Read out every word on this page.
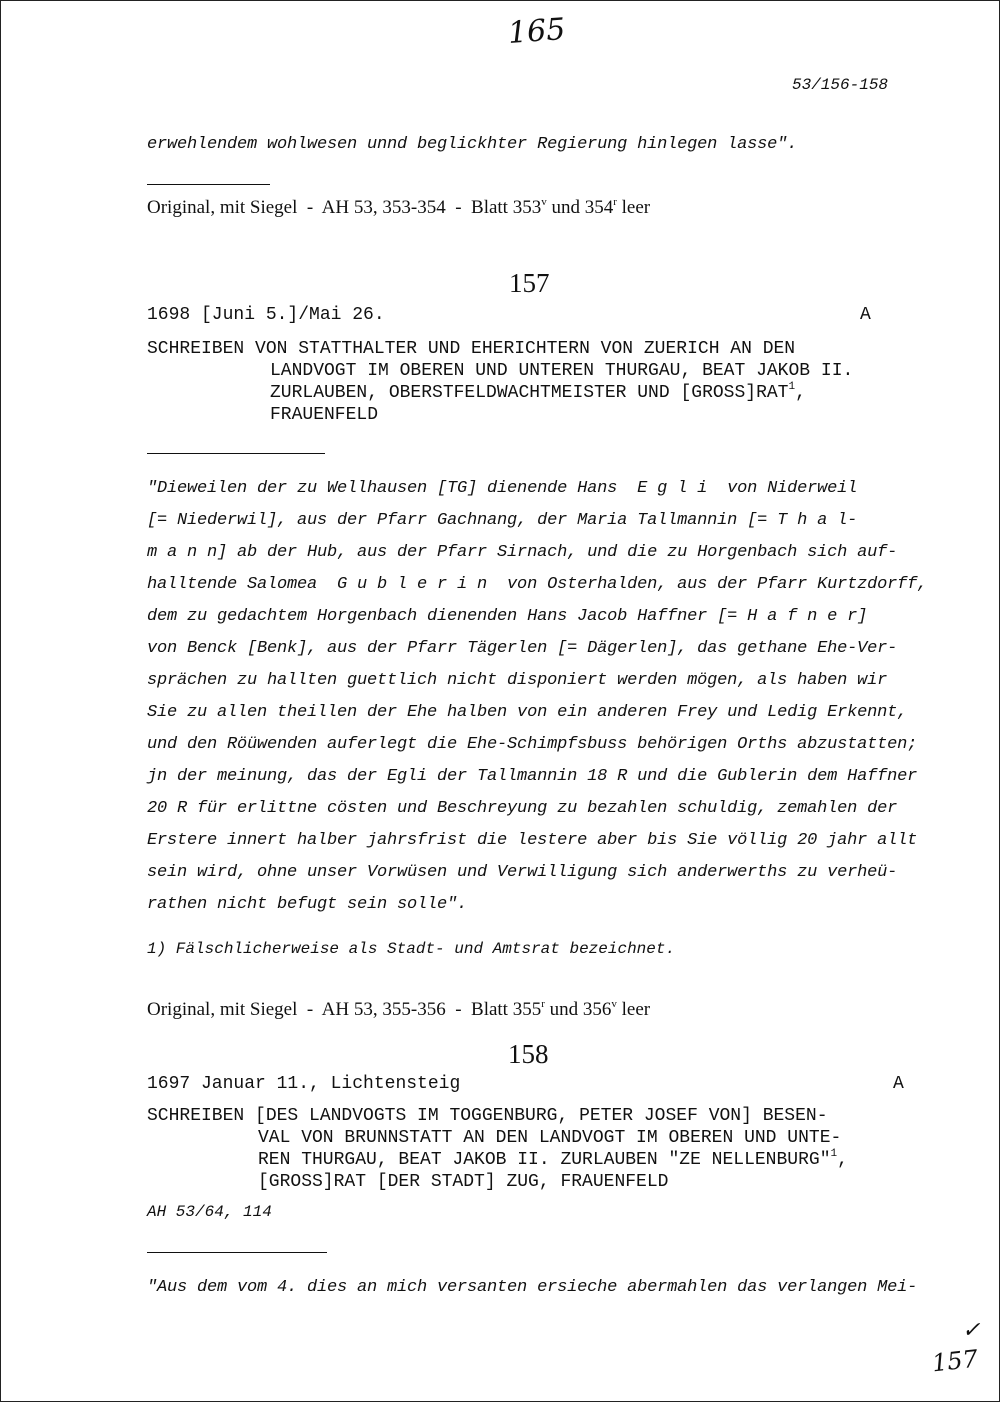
165
53/156-158
erwehlendem wohlwesen unnd beglickhter Regierung hinlegen lasse".
Original, mit Siegel  -  AH 53, 353-354  -  Blatt 353$^v$ und 354$^r$ leer
157
1698 [Juni 5.]/Mai 26.	A
SCHREIBEN VON STATTHALTER UND EHERICHTERN VON ZUERICH AN DEN
LANDVOGT IM OBEREN UND UNTEREN THURGAU, BEAT JAKOB II.
ZURLAUBEN, OBERSTFELDWACHTMEISTER UND [GROSS]RAT$^1$,
FRAUENFELD
"Dieweilen der zu Wellhausen [TG] dienende Hans  E g l i  von Niderweil
[= Niederwil], aus der Pfarr Gachnang, der Maria Tallmannin [= T h a l-
m a n n] ab der Hub, aus der Pfarr Sirnach, und die zu Horgenbach sich auf-
halltende Salomea  G u b l e r i n  von Osterhalden, aus der Pfarr Kurtzdorff,
dem zu gedachtem Horgenbach dienenden Hans Jacob Haffner [= H a f n e r]
von Benck [Benk], aus der Pfarr Tägerlen [= Dägerlen], das gethane Ehe-Ver-
sprächen zu hallten guettlich nicht disponiert werden mögen, als haben wir
Sie zu allen theillen der Ehe halben von ein anderen Frey und Ledig Erkennt,
und den Röüwenden auferlegt die Ehe-Schimpfsbuss behörigen Orths abzustatten;
jn der meinung, das der Egli der Tallmannin 18 R und die Gublerin dem Haffner
20 R für erlittne cösten und Beschreyung zu bezahlen schuldig, zemahlen der
Erstere innert halber jahrsfrist die lestere aber bis Sie völlig 20 jahr allt
sein wird, ohne unser Vorwüsen und Verwilligung sich anderwerths zu verheü-
rathen nicht befugt sein solle".
1) Fälschlicherweise als Stadt- und Amtsrat bezeichnet.
Original, mit Siegel  -  AH 53, 355-356  -  Blatt 355$^r$ und 356$^v$ leer
158
1697 Januar 11., Lichtensteig	A
SCHREIBEN [DES LANDVOGTS IM TOGGENBURG, PETER JOSEF VON] BESEN-
VAL VON BRUNNSTATT AN DEN LANDVOGT IM OBEREN UND UNTE-
REN THURGAU, BEAT JAKOB II. ZURLAUBEN "ZE NELLENBURG"$^1$,
[GROSS]RAT [DER STADT] ZUG, FRAUENFELD
AH 53/64, 114
"Aus dem vom 4. dies an mich versanten ersieche abermahlen das verlangen Mei-
✓
157
